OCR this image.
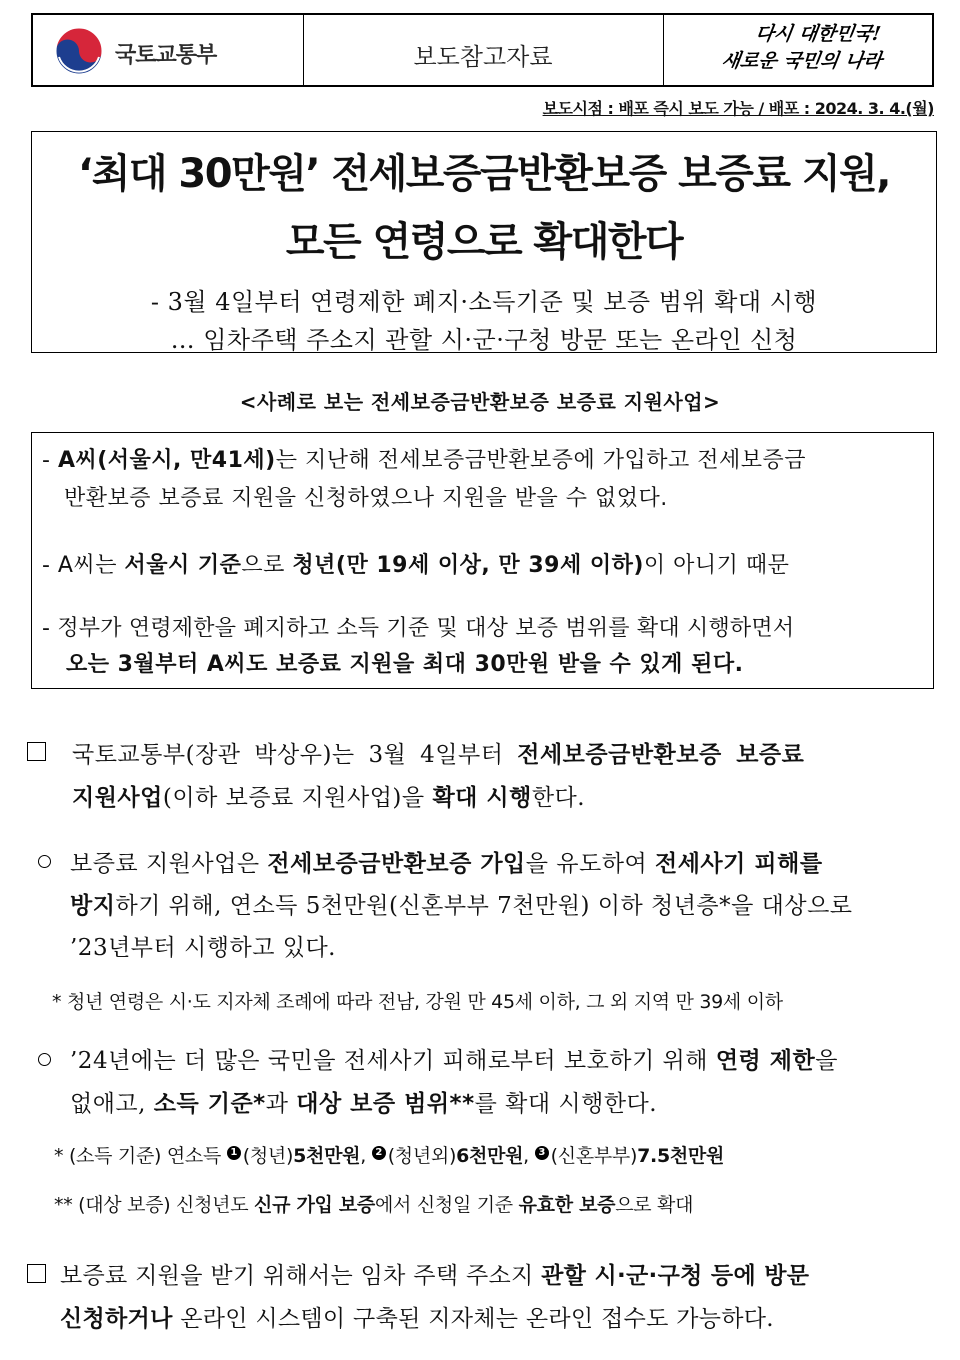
국토교통부	보도참고자료
다시 대한민국!
새로운 국민의 나라
보도시점 : 배포 즉시 보도 가능 / 배포 : 2024. 3. 4.(월)
‘최대 30만원’ 전세보증금반환보증 보증료 지원,
모든 연령으로 확대한다
- 3월 4일부터 연령제한 폐지·소득기준 및 보증 범위 확대 시행
… 임차주택 주소지 관할 시·군·구청 방문 또는 온라인 신청
<사례로 보는 전세보증금반환보증 보증료 지원사업>
- A씨(서울시, 만41세)는 지난해 전세보증금반환보증에 가입하고 전세보증금
반환보증 보증료 지원을 신청하였으나 지원을 받을 수 없었다.
- A씨는 서울시 기준으로 청년(만 19세 이상, 만 39세 이하)이 아니기 때문
- 정부가 연령제한을 폐지하고 소득 기준 및 대상 보증 범위를 확대 시행하면서
오는 3월부터 A씨도 보증료 지원을 최대 30만원 받을 수 있게 된다.
국토교통부(장관 박상우)는 3월 4일부터 전세보증금반환보증 보증료
지원사업(이하 보증료 지원사업)을 확대 시행한다.
보증료 지원사업은 전세보증금반환보증 가입을 유도하여 전세사기 피해를
방지하기 위해, 연소득 5천만원(신혼부부 7천만원) 이하 청년층*을 대상으로
’23년부터 시행하고 있다.
* 청년 연령은 시·도 지자체 조례에 따라 전남, 강원 만 45세 이하, 그 외 지역 만 39세 이하
’24년에는 더 많은 국민을 전세사기 피해로부터 보호하기 위해 연령 제한을
없애고, 소득 기준*과 대상 보증 범위**를 확대 시행한다.
* (소득 기준) 연소득 1 (청년)5천만원, 2 (청년외)6천만원, 3 (신혼부부)7.5천만원
** (대상 보증) 신청년도 신규 가입 보증에서 신청일 기준 유효한 보증으로 확대
보증료 지원을 받기 위해서는 임차 주택 주소지 관할 시·군·구청 등에 방문
신청하거나 온라인 시스템이 구축된 지자체는 온라인 접수도 가능하다.
